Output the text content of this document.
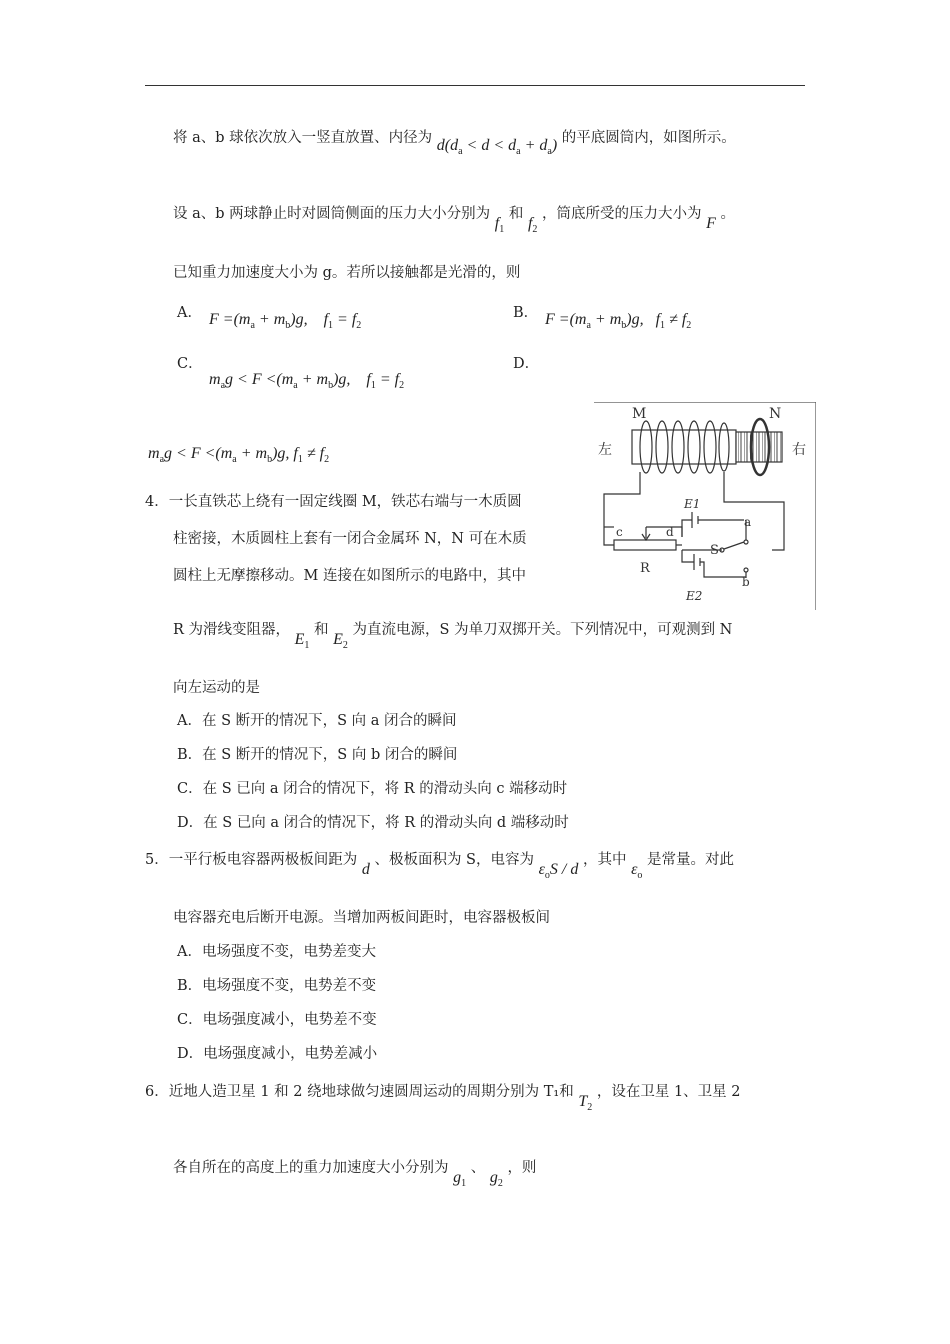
将 a、b 球依次放入一竖直放置、内径为 $d(d_a < d < d_a + d_a)$ 的平底圆筒内，如图所示。
设 a、b 两球静止时对圆筒侧面的压力大小分别为 $f_1$ 和 $f_2$ ，筒底所受的压力大小为 F 。
已知重力加速度大小为 g。若所以接触都是光滑的，则
A． $F =(m_a + m_b)g$,    $f_1 = f_2$
B． $F =(m_a + m_b)g$,   $f_1 \ne f_2$
C．
$m_ag < F <(m_a + m_b)g$,    $f_1 = f_2$
D．
$m_ag < F <(m_a + m_b)g$, $f_1 \ne f_2$
M	N
左	右
E1
a
c	d
S
R
b
E2
4．一长直铁芯上绕有一固定线圈 M，铁芯右端与一木质圆
柱密接，木质圆柱上套有一闭合金属环 N，N 可在木质
圆柱上无摩擦移动。M 连接在如图所示的电路中，其中
R 为滑线变阻器， $E_1$ 和 $E_2$ 为直流电源，S 为单刀双掷开关。下列情况中，可观测到 N
向左运动的是
A．在 S 断开的情况下，S 向 a 闭合的瞬间
B．在 S 断开的情况下，S 向 b 闭合的瞬间
C．在 S 已向 a 闭合的情况下，将 R 的滑动头向 c 端移动时
D．在 S 已向 a 闭合的情况下，将 R 的滑动头向 d 端移动时
5．一平行板电容器两极板间距为 d 、极板面积为 S，电容为 $\varepsilon_oS$ / d ，其中 $\varepsilon_o$ 是常量。对此
电容器充电后断开电源。当增加两板间距时，电容器极板间
A．电场强度不变，电势差变大
B．电场强度不变，电势差不变
C．电场强度减小，电势差不变
D．电场强度减小，电势差减小
6．近地人造卫星 1 和 2 绕地球做匀速圆周运动的周期分别为 T₁和 $T_2$ ，设在卫星 1、卫星 2
各自所在的高度上的重力加速度大小分别为 $g_1$ 、 $g_2$ ，则
